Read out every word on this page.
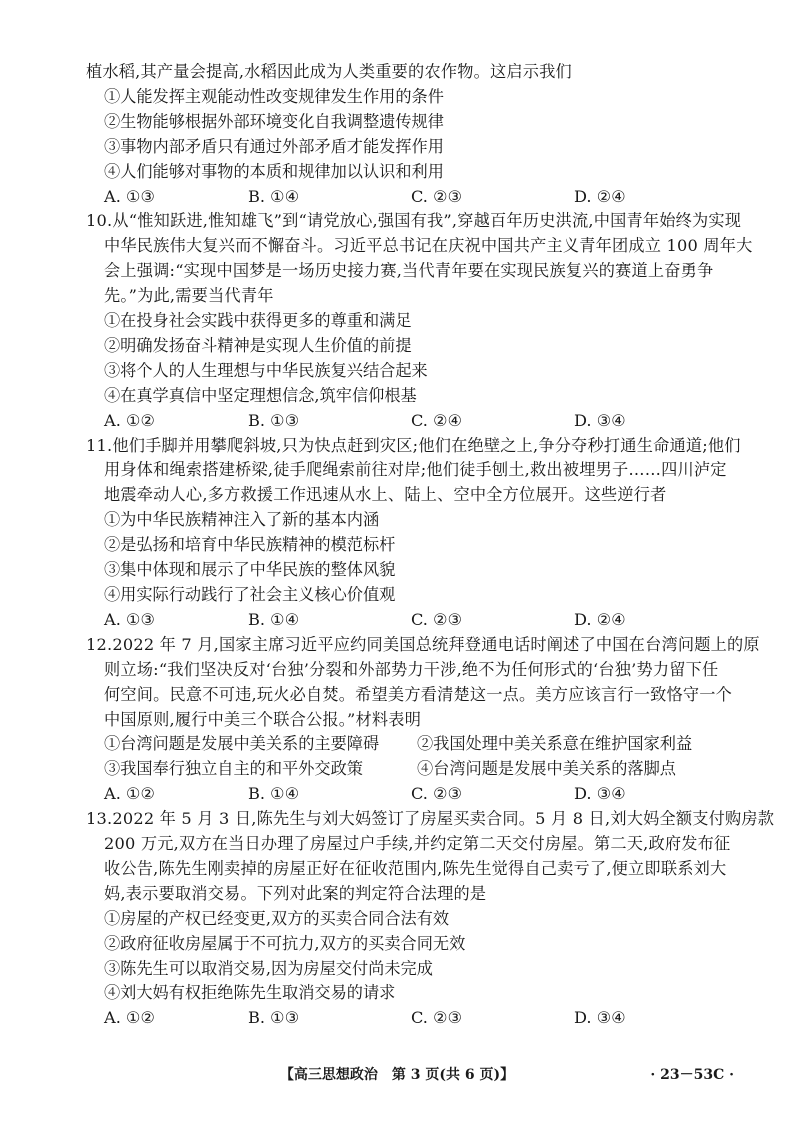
植水稻,其产量会提高,水稻因此成为人类重要的农作物。这启示我们
①人能发挥主观能动性改变规律发生作用的条件
②生物能够根据外部环境变化自我调整遗传规律
③事物内部矛盾只有通过外部矛盾才能发挥作用
④人们能够对事物的本质和规律加以认识和利用
A. ①③	B. ①④	C. ②③	D. ②④
10.从“惟知跃进,惟知雄飞”到“请党放心,强国有我”,穿越百年历史洪流,中国青年始终为实现
中华民族伟大复兴而不懈奋斗。习近平总书记在庆祝中国共产主义青年团成立 100 周年大
会上强调:“实现中国梦是一场历史接力赛,当代青年要在实现民族复兴的赛道上奋勇争
先。”为此,需要当代青年
①在投身社会实践中获得更多的尊重和满足
②明确发扬奋斗精神是实现人生价值的前提
③将个人的人生理想与中华民族复兴结合起来
④在真学真信中坚定理想信念,筑牢信仰根基
A. ①②	B. ①③	C. ②④	D. ③④
11.他们手脚并用攀爬斜坡,只为快点赶到灾区;他们在绝壁之上,争分夺秒打通生命通道;他们
用身体和绳索搭建桥梁,徒手爬绳索前往对岸;他们徒手刨土,救出被埋男子……四川泸定
地震牵动人心,多方救援工作迅速从水上、陆上、空中全方位展开。这些逆行者
①为中华民族精神注入了新的基本内涵
②是弘扬和培育中华民族精神的模范标杆
③集中体现和展示了中华民族的整体风貌
④用实际行动践行了社会主义核心价值观
A. ①③	B. ①④	C. ②③	D. ②④
12.2022 年 7 月,国家主席习近平应约同美国总统拜登通电话时阐述了中国在台湾问题上的原
则立场:“我们坚决反对‘台独’分裂和外部势力干涉,绝不为任何形式的‘台独’势力留下任
何空间。民意不可违,玩火必自焚。希望美方看清楚这一点。美方应该言行一致恪守一个
中国原则,履行中美三个联合公报。”材料表明
①台湾问题是发展中美关系的主要障碍 ②我国处理中美关系意在维护国家利益
③我国奉行独立自主的和平外交政策	④台湾问题是发展中美关系的落脚点
A. ①②	B. ①④	C. ②③	D. ③④
13.2022 年 5 月 3 日,陈先生与刘大妈签订了房屋买卖合同。5 月 8 日,刘大妈全额支付购房款
200 万元,双方在当日办理了房屋过户手续,并约定第二天交付房屋。第二天,政府发布征
收公告,陈先生刚卖掉的房屋正好在征收范围内,陈先生觉得自己卖亏了,便立即联系刘大
妈,表示要取消交易。下列对此案的判定符合法理的是
①房屋的产权已经变更,双方的买卖合同合法有效
②政府征收房屋属于不可抗力,双方的买卖合同无效
③陈先生可以取消交易,因为房屋交付尚未完成
④刘大妈有权拒绝陈先生取消交易的请求
A. ①②	B. ①③	C. ②③	D. ③④
【高三思想政治　第 3 页(共 6 页)】	· 23－53C ·
